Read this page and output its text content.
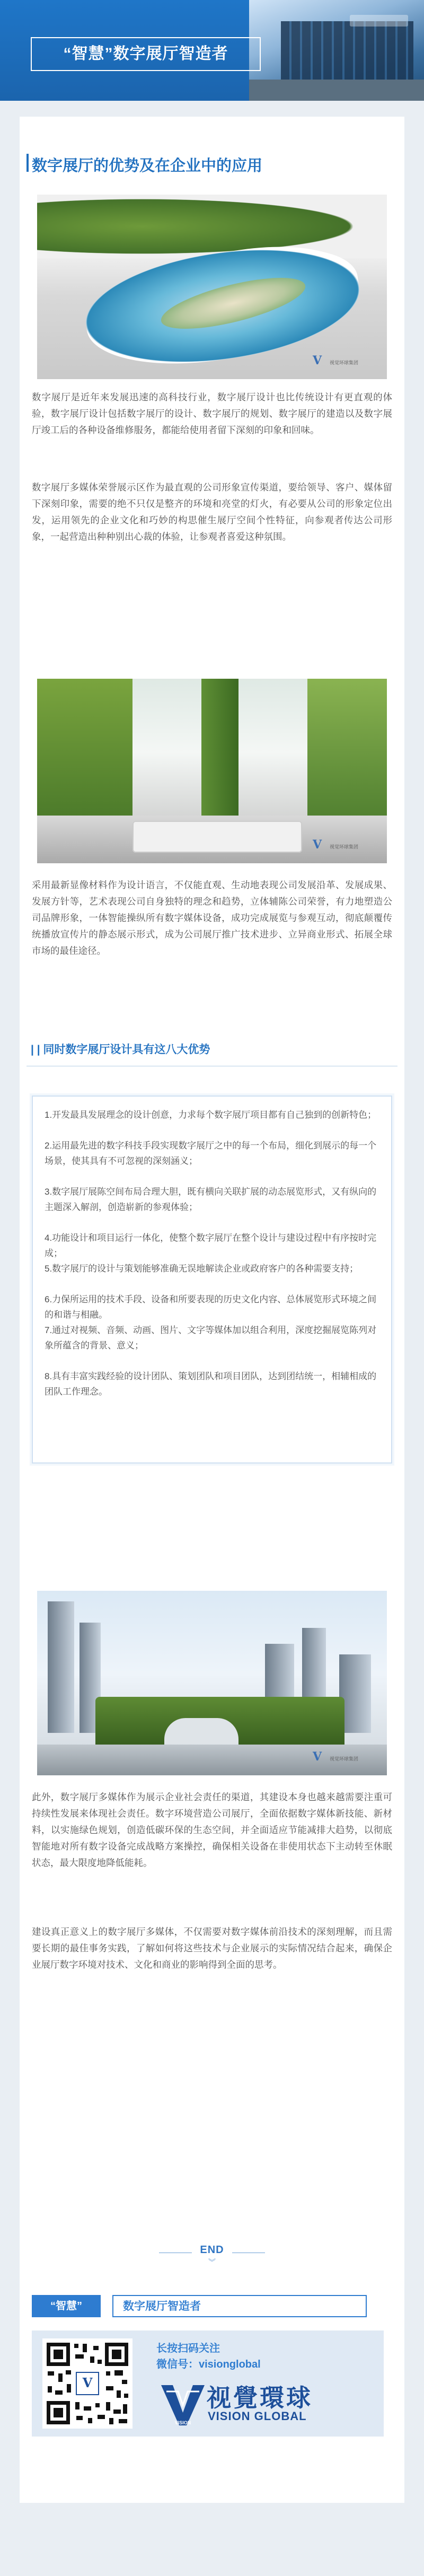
“智慧”数字展厅智造者
数字展厅的优势及在企业中的应用
V	视觉环球集团

数字展厅是近年来发展迅速的高科技行业，数字展厅设计也比传统设计有更直观的体验，数字展厅设计包括数字展厅的设计、数字展厅的规划、数字展厅的建造以及数字展厅竣工后的各种设备维修服务，都能给使用者留下深刻的印象和回味。

数字展厅多媒体荣誉展示区作为最直观的公司形象宣传渠道，要给领导、客户、媒体留下深刻印象，需要的绝不只仅是整齐的环境和亮堂的灯火，有必要从公司的形象定位出发，运用领先的企业文化和巧妙的构思催生展厅空间个性特征，向参观者传达公司形象，一起营造出种种别出心裁的体验，让参观者喜爱这种氛围。

V	视觉环球集团

采用最新显像材料作为设计语言，不仅能直观、生动地表现公司发展沿革、发展成果、发展方针等，艺术表现公司自身独特的理念和趋势，立体辅陈公司荣誉，有力地塑造公司品牌形象，一体智能操纵所有数字媒体设备，成功完成展览与参观互动，彻底颠覆传统播放宣传片的静态展示形式，成为公司展厅推广技术进步、立异商业形式、拓展全球市场的最佳途径。

| | 同时数字展厅设计具有这八大优势

1.开发最具发展理念的设计创意，力求每个数字展厅项目都有自己独到的创新特色；

2.运用最先进的数字科技手段实现数字展厅之中的每一个布局，细化到展示的每一个场景，使其具有不可忽视的深刻涵义；

3.数字展厅展陈空间布局合理大胆，既有横向关联扩展的动态展览形式，又有纵向的主题深入解剖，创造崭新的参观体验；

4.功能设计和项目运行一体化，使整个数字展厅在整个设计与建设过程中有序按时完成；

5.数字展厅的设计与策划能够准确无误地解读企业或政府客户的各种需要支持；

6.力保所运用的技术手段、设备和所要表现的历史文化内容、总体展览形式环境之间的和谐与相融。

7.通过对视频、音频、动画、图片、文字等媒体加以组合利用，深度挖掘展览陈列对象所蕴含的背景、意义；

8.具有丰富实践经验的设计团队、策划团队和项目团队，达到团结统一，相辅相成的团队工作理念。

V	视觉环球集团

此外，数字展厅多媒体作为展示企业社会责任的渠道，其建设本身也越来越需要注重可持续性发展来体现社会责任。数字环境营造公司展厅，全面依据数字媒体新技能、新材料，以实施绿色规划，创造低碳环保的生态空间，并全面适应节能减排大趋势，以彻底智能地对所有数字设备完成战略方案操控，确保相关设备在非使用状态下主动转至休眠状态，最大限度地降低能耗。

建设真正意义上的数字展厅多媒体，不仅需要对数字媒体前沿技术的深刻理解，而且需要长期的最佳事务实践，了解如何将这些技术与企业展示的实际情况结合起来，确保企业展厅数字环境对技术、文化和商业的影响得到全面的思考。

END
︾
“智慧”	数字展厅智造者
V
长按扫码关注
微信号：visionglobal
VISION
视覺環球
VISION GLOBAL
